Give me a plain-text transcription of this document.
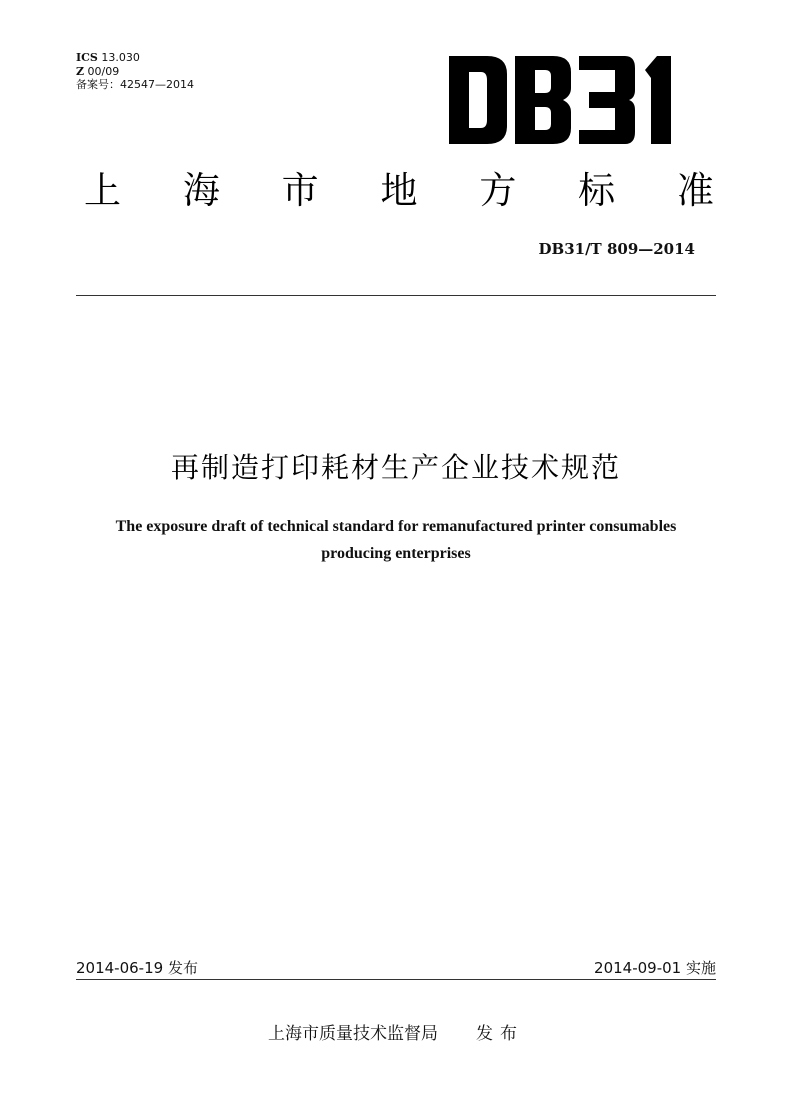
ICS 13.030
Z 00/09
备案号：42547—2014
上 海 市 地 方 标 准
DB31/T 809—2014
再制造打印耗材生产企业技术规范
The exposure draft of technical standard for remanufactured printer consumables producing enterprises
2014-06-19 发布	2014-09-01 实施
上海市质量技术监督局 发布
